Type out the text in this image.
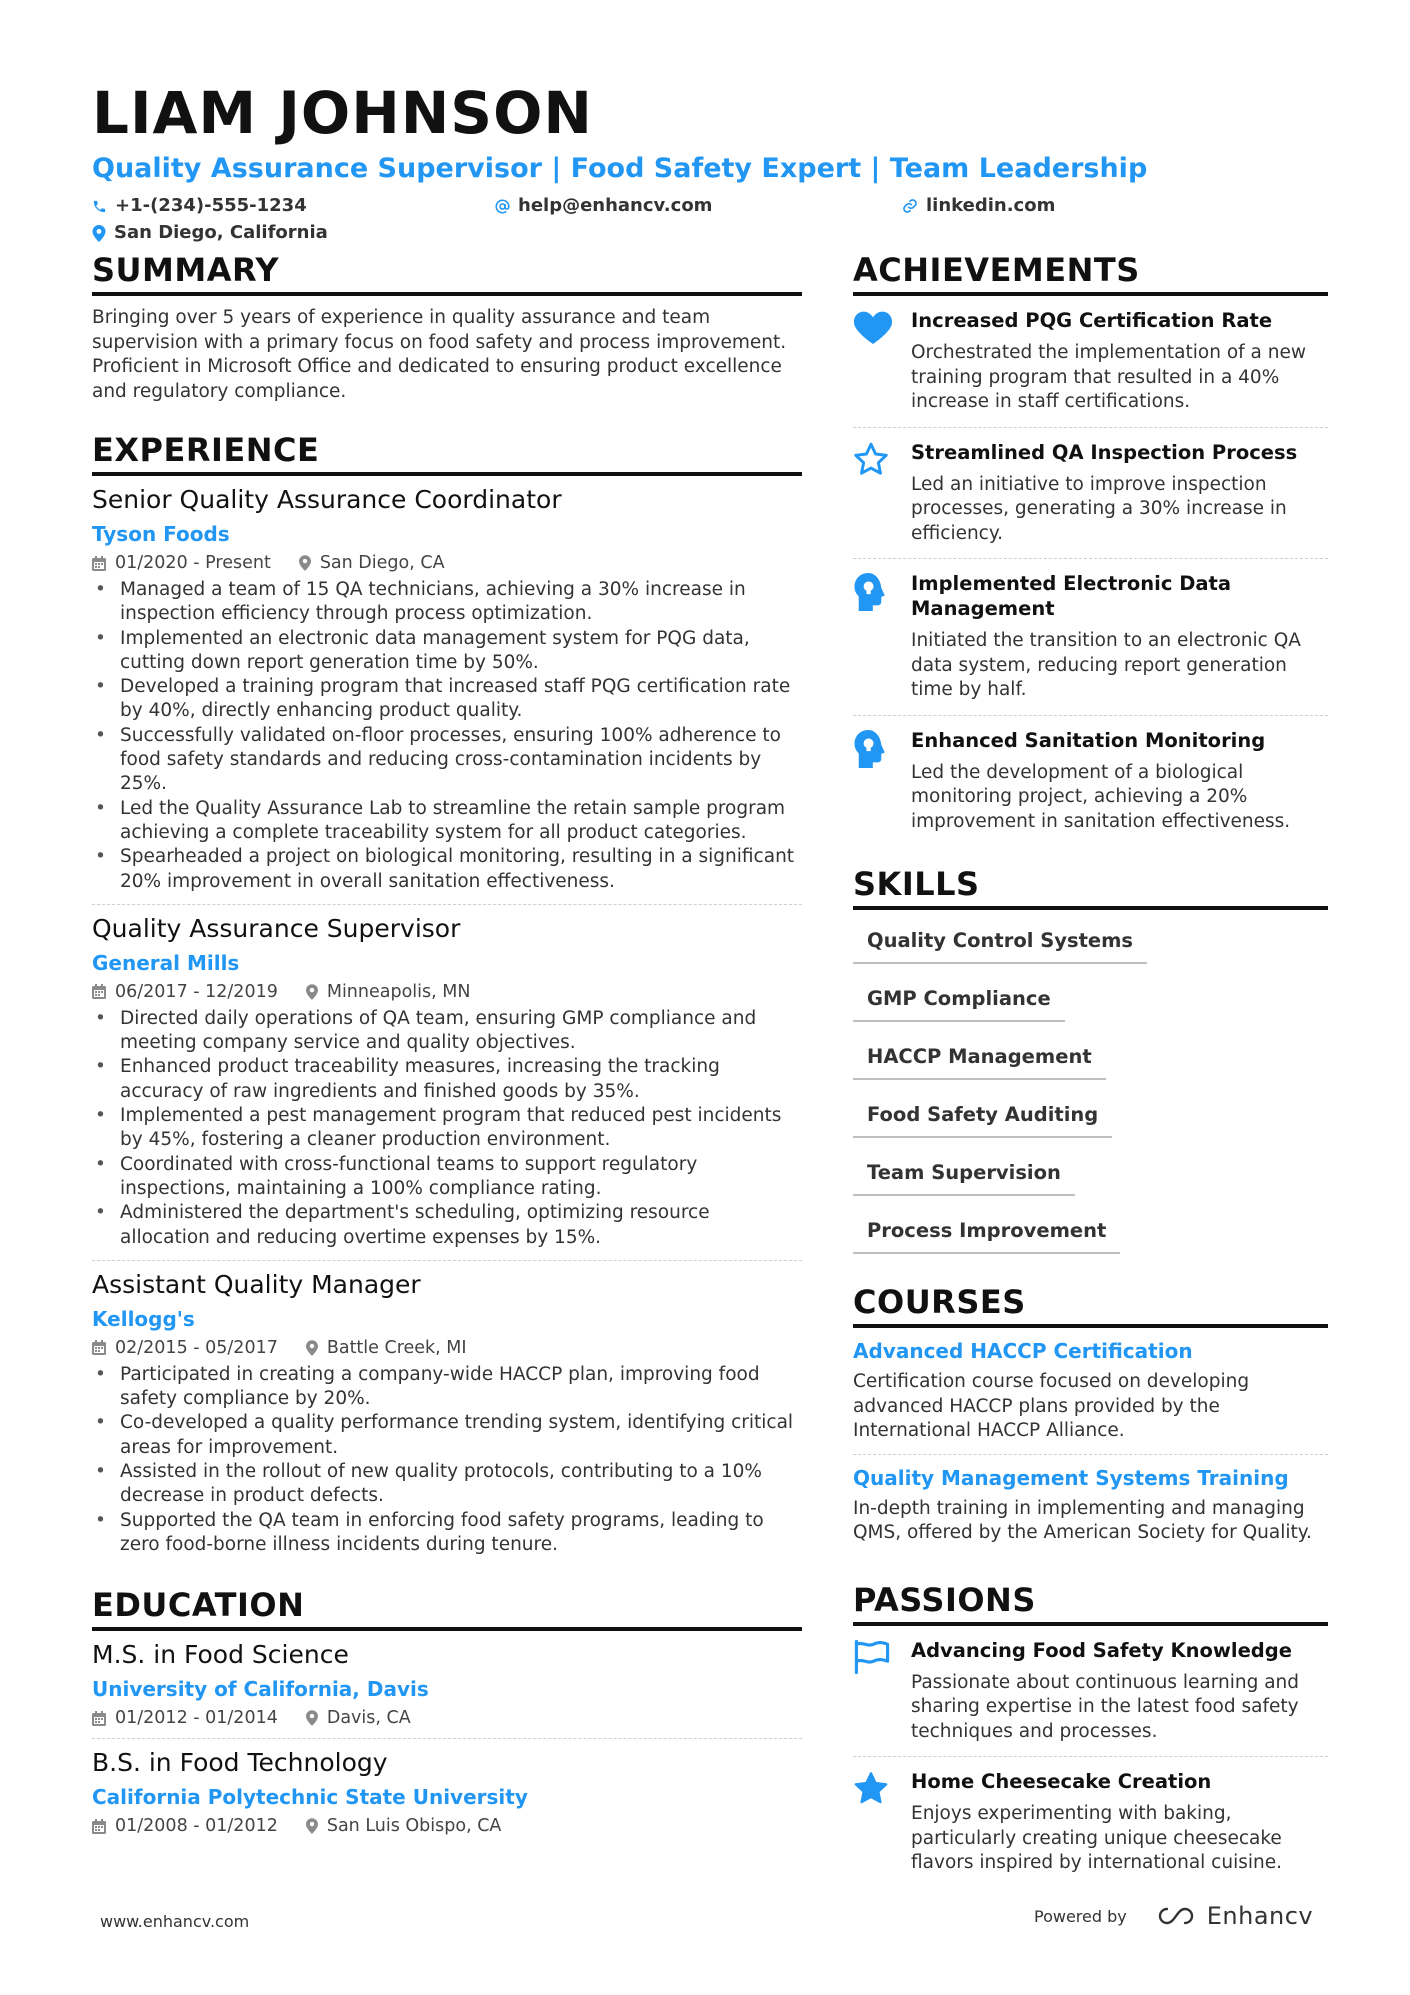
LIAM JOHNSON
Quality Assurance Supervisor | Food Safety Expert | Team Leadership
+1-(234)-555-1234	help@enhancv.com	linkedin.com
San Diego, California
SUMMARY
Bringing over 5 years of experience in quality assurance and team supervision with a primary focus on food safety and process improvement. Proficient in Microsoft Office and dedicated to ensuring product excellence and regulatory compliance.
EXPERIENCE
Senior Quality Assurance Coordinator
Tyson Foods
01/2020 - Present	San Diego, CA
• Managed a team of 15 QA technicians, achieving a 30% increase in inspection efficiency through process optimization.
• Implemented an electronic data management system for PQG data, cutting down report generation time by 50%.
• Developed a training program that increased staff PQG certification rate by 40%, directly enhancing product quality.
• Successfully validated on-floor processes, ensuring 100% adherence to food safety standards and reducing cross-contamination incidents by 25%.
• Led the Quality Assurance Lab to streamline the retain sample program achieving a complete traceability system for all product categories.
• Spearheaded a project on biological monitoring, resulting in a significant 20% improvement in overall sanitation effectiveness.
Quality Assurance Supervisor
General Mills
06/2017 - 12/2019	Minneapolis, MN
• Directed daily operations of QA team, ensuring GMP compliance and meeting company service and quality objectives.
• Enhanced product traceability measures, increasing the tracking accuracy of raw ingredients and finished goods by 35%.
• Implemented a pest management program that reduced pest incidents by 45%, fostering a cleaner production environment.
• Coordinated with cross-functional teams to support regulatory inspections, maintaining a 100% compliance rating.
• Administered the department's scheduling, optimizing resource allocation and reducing overtime expenses by 15%.
Assistant Quality Manager
Kellogg's
02/2015 - 05/2017	Battle Creek, MI
• Participated in creating a company-wide HACCP plan, improving food safety compliance by 20%.
• Co-developed a quality performance trending system, identifying critical areas for improvement.
• Assisted in the rollout of new quality protocols, contributing to a 10% decrease in product defects.
• Supported the QA team in enforcing food safety programs, leading to zero food-borne illness incidents during tenure.
EDUCATION
M.S. in Food Science
University of California, Davis
01/2012 - 01/2014	Davis, CA
B.S. in Food Technology
California Polytechnic State University
01/2008 - 01/2012	San Luis Obispo, CA
ACHIEVEMENTS
Increased PQG Certification Rate
Orchestrated the implementation of a new training program that resulted in a 40% increase in staff certifications.
Streamlined QA Inspection Process
Led an initiative to improve inspection processes, generating a 30% increase in efficiency.
Implemented Electronic Data Management
Initiated the transition to an electronic QA data system, reducing report generation time by half.
Enhanced Sanitation Monitoring
Led the development of a biological monitoring project, achieving a 20% improvement in sanitation effectiveness.
SKILLS
Quality Control Systems
GMP Compliance
HACCP Management
Food Safety Auditing
Team Supervision
Process Improvement
COURSES
Advanced HACCP Certification
Certification course focused on developing advanced HACCP plans provided by the International HACCP Alliance.
Quality Management Systems Training
In-depth training in implementing and managing QMS, offered by the American Society for Quality.
PASSIONS
Advancing Food Safety Knowledge
Passionate about continuous learning and sharing expertise in the latest food safety techniques and processes.
Home Cheesecake Creation
Enjoys experimenting with baking, particularly creating unique cheesecake flavors inspired by international cuisine.
www.enhancv.com	Powered by	Enhancv
